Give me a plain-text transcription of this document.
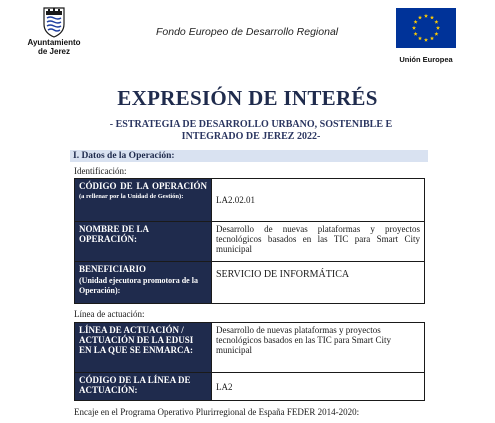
Ayuntamiento
de Jerez
Fondo Europeo de Desarrollo Regional
Unión Europea
EXPRESIÓN DE INTERÉS
- ESTRATEGIA DE DESARROLLO URBANO, SOSTENIBLE E
INTEGRADO DE JEREZ 2022-
I. Datos de la Operación:
Identificación:
CÓDIGO DE LA OPERACIÓN
(a rellenar por la Unidad de Gestión):	LA2.02.01
NOMBRE DE LA OPERACIÓN:	Desarrollo de nuevas plataformas y proyectos tecnológicos basados en las TIC para Smart City municipal
BENEFICIARIO
(Unidad ejecutora promotora de la Operación):	SERVICIO DE INFORMÁTICA
Línea de actuación:
LÍNEA DE ACTUACIÓN / ACTUACIÓN DE LA EDUSI EN LA QUE SE ENMARCA:	Desarrollo de nuevas plataformas y proyectos tecnológicos basados en las TIC para Smart City municipal
CÓDIGO DE LA LÍNEA DE ACTUACIÓN:	LA2
Encaje en el Programa Operativo Plurirregional de España FEDER 2014-2020:
